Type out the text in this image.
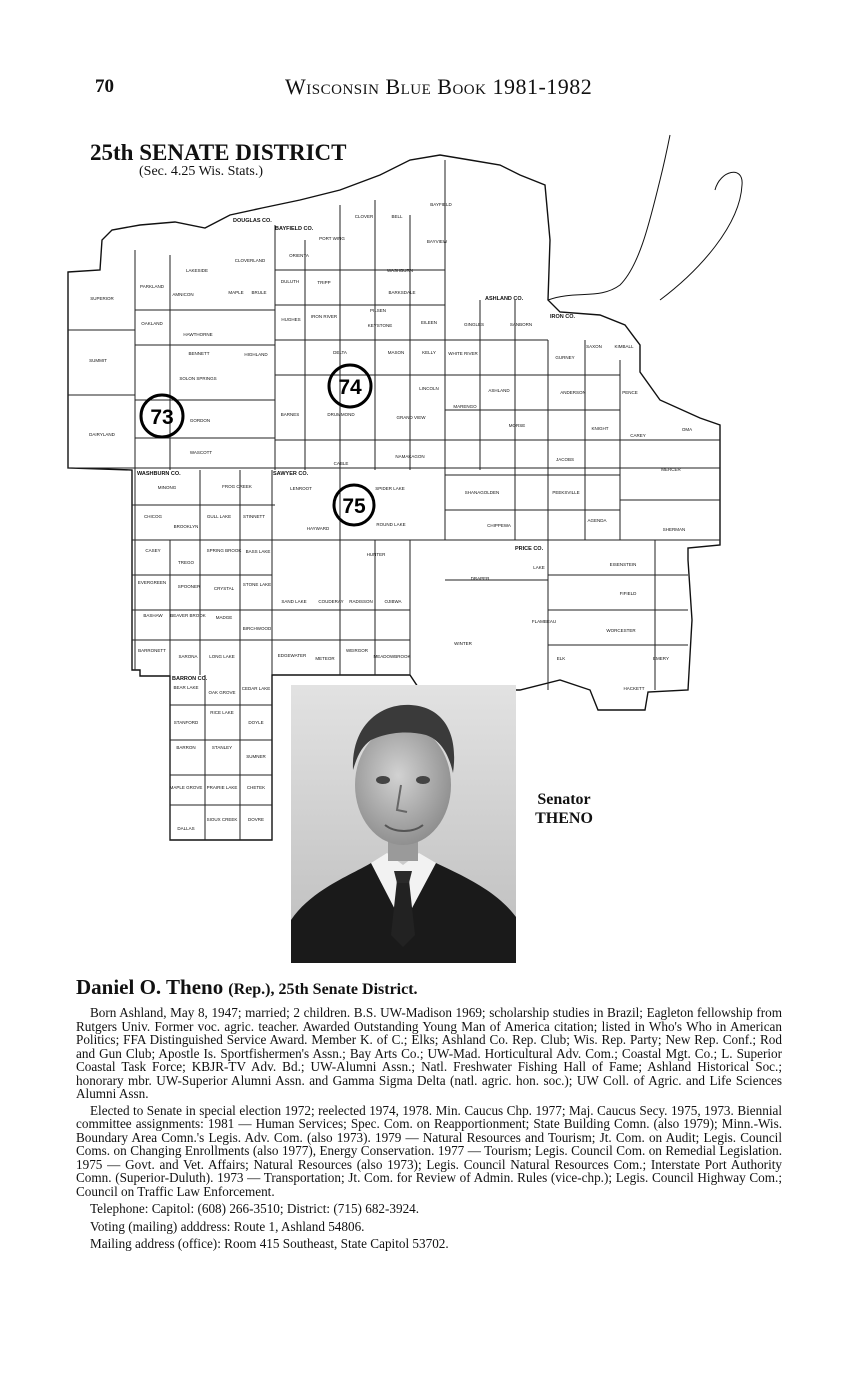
70	Wisconsin Blue Book 1981-1982
25th SENATE DISTRICT
(Sec. 4.25 Wis. Stats.)
73
74
75
DOUGLAS CO.
BAYFIELD CO.
ASHLAND CO.
IRON CO.
WASHBURN CO.	SAWYER CO.
PRICE CO.
BARRON CO.
PARKLAND
SUPERIOR
LAKESIDE
CLOVERLAND
AMNICON	MAPLE BRULE
ORIENTA
PORT WING
CLOVER	BELL
BAYFIELD
BAYVIEW
OAKLAND
HAWTHORNE
DULUTH	TRIPP
WASHBURN
BARKSDALE
PILSEN
KEYSTONE
EILEEN	GINGLES	SANBORN
HUGHES
IRON RIVER
SUMMIT
BENNETT	HIGHLAND	DELTA	MASON	KELLY	WHITE RIVER
GURNEY
SAXON	KIMBALL
SOLON SPRINGS
LINCOLN	ASHLAND	ANDERSON	PENCE
DAIRYLAND
GORDON
BARNES	DRUMMOND
GRAND VIEW
MARENGO
MORSE
KNIGHT
CAREY
OMA
WASCOTT
CABLE
NAMAKAGON
JACOBS
MERCER
MINONG	FROG CREEK	LENROOT	SPIDER LAKE
SHANAGOLDEN	PEEKSVILLE
CHICOG	GULL LAKE	STINNETT
HAYWARD
ROUND LAKE	CHIPPEWA
AGENDA
SHERMAN
BROOKLYN
CASEY	SPRING BROOK BASS LAKE
HUNTER
TREGO
LAKE
EISENSTEIN
EVERGREEN
SPOONER	CRYSTAL
STONE LAKE
SAND LAKE	COUDERAY RADISSON	OJIBWA
DRAPER
FIFIELD
BASHAW BEAVER BROOK MADGE
BIRCHWOOD
FLAMBEAU
WORCESTER
BARRONETT
SARONA	LONG LAKE	EDGEWATER
METEOR
WEIRGOR
MEADOWBROOK
WINTER
ELK	EMERY
HACKETT
BEAR LAKE
OAK GROVE
CEDAR LAKE
STANFORD
RICE LAKE
DOYLE
BARRON	STANLEY
SUMNER
MAPLE GROVE PRAIRIE LAKE CHETEK
SIOUX CREEK DOVRE
DALLAS
Senator
THENO
Daniel O. Theno (Rep.), 25th Senate District.

Born Ashland, May 8, 1947; married; 2 children. B.S. UW-Madison 1969; scholarship studies in Brazil; Eagleton fellowship from Rutgers Univ. Former voc. agric. teacher. Awarded Outstanding Young Man of America citation; listed in Who's Who in American Politics; FFA Distinguished Service Award. Member K. of C.; Elks; Ashland Co. Rep. Club; Wis. Rep. Party; New Rep. Conf.; Rod and Gun Club; Apostle Is. Sportfishermen's Assn.; Bay Arts Co.; UW-Mad. Horticultural Adv. Com.; Coastal Mgt. Co.; L. Superior Coastal Task Force; KBJR-TV Adv. Bd.; UW-Alumni Assn.; Natl. Freshwater Fishing Hall of Fame; Ashland Historical Soc.; honorary mbr. UW-Superior Alumni Assn. and Gamma Sigma Delta (natl. agric. hon. soc.); UW Coll. of Agric. and Life Sciences Alumni Assn.

Elected to Senate in special election 1972; reelected 1974, 1978. Min. Caucus Chp. 1977; Maj. Caucus Secy. 1975, 1973. Biennial committee assignments: 1981 — Human Services; Spec. Com. on Reapportionment; State Building Comn. (also 1979); Minn.-Wis. Boundary Area Comn.'s Legis. Adv. Com. (also 1973). 1979 — Natural Resources and Tourism; Jt. Com. on Audit; Legis. Council Coms. on Changing Enrollments (also 1977), Energy Conservation. 1977 — Tourism; Legis. Council Com. on Remedial Legislation. 1975 — Govt. and Vet. Affairs; Natural Resources (also 1973); Legis. Council Natural Resources Com.; Interstate Port Authority Comn. (Superior-Duluth). 1973 — Transportation; Jt. Com. for Review of Admin. Rules (vice-chp.); Legis. Council Highway Com.; Council on Traffic Law Enforcement.

Telephone: Capitol: (608) 266-3510; District: (715) 682-3924.

Voting (mailing) adddress: Route 1, Ashland 54806.

Mailing address (office): Room 415 Southeast, State Capitol 53702.
